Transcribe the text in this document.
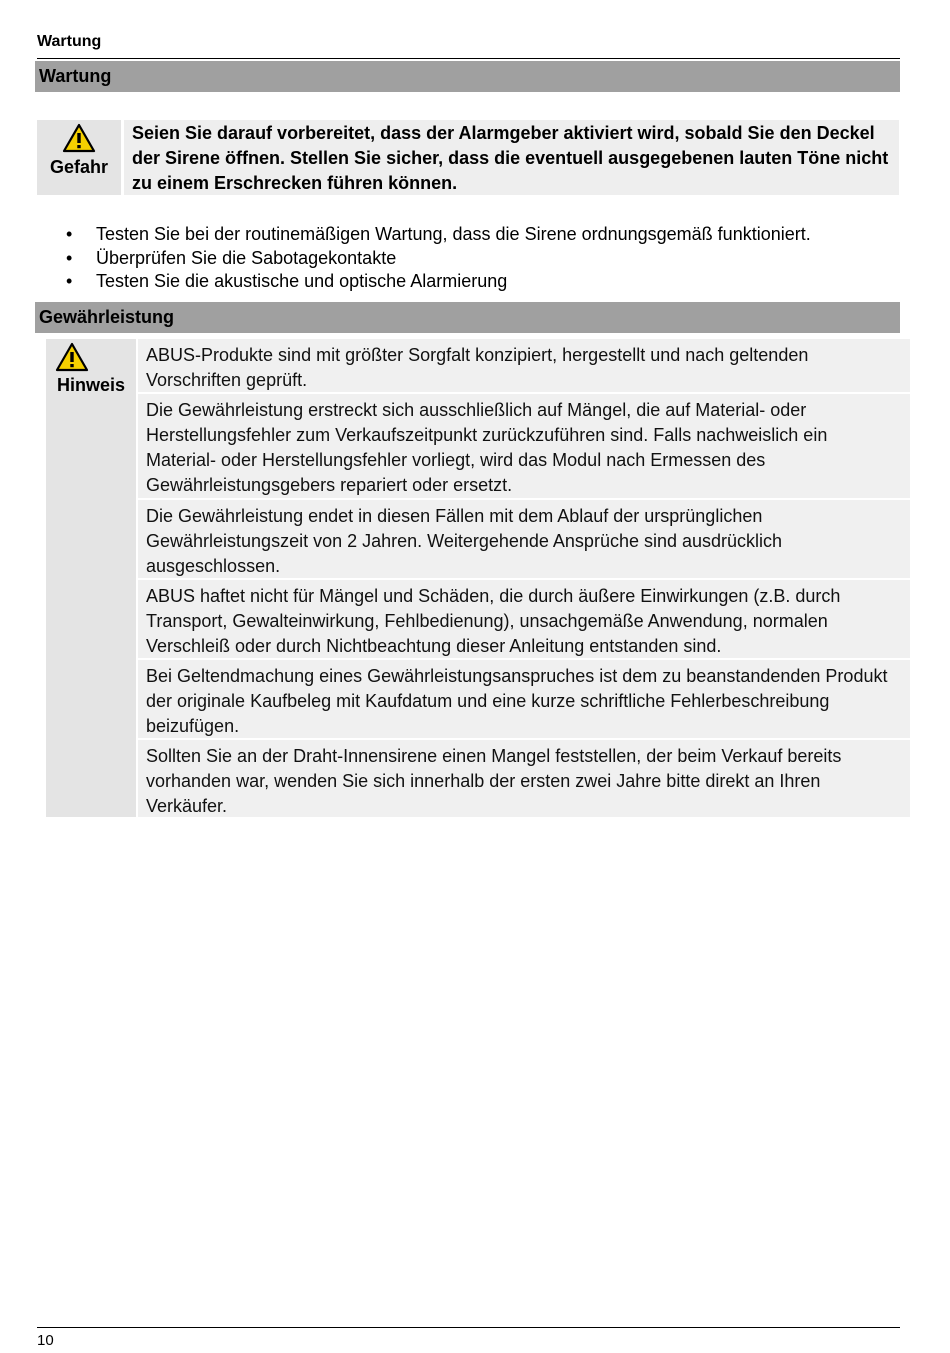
Wartung
Wartung
Gefahr
Seien Sie darauf vorbereitet, dass der Alarmgeber aktiviert wird, sobald Sie den Deckel der Sirene öffnen. Stellen Sie sicher, dass die eventuell ausgegebenen lauten Töne nicht zu einem Erschrecken führen können.
• Testen Sie bei der routinemäßigen Wartung, dass die Sirene ordnungsgemäß funktioniert.
• Überprüfen Sie die Sabotagekontakte
• Testen Sie die akustische und optische Alarmierung
Gewährleistung
Hinweis
ABUS-Produkte sind mit größter Sorgfalt konzipiert, hergestellt und nach geltenden Vorschriften geprüft.
Die Gewährleistung erstreckt sich ausschließlich auf Mängel, die auf Material- oder Herstellungsfehler zum Verkaufszeitpunkt zurückzuführen sind. Falls nachweislich ein Material- oder Herstellungsfehler vorliegt, wird das Modul nach Ermessen des Gewährleistungsgebers repariert oder ersetzt.
Die Gewährleistung endet in diesen Fällen mit dem Ablauf der ursprünglichen Gewährleistungszeit von 2 Jahren. Weitergehende Ansprüche sind ausdrücklich ausgeschlossen.
ABUS haftet nicht für Mängel und Schäden, die durch äußere Einwirkungen (z.B. durch Transport, Gewalteinwirkung, Fehlbedienung), unsachgemäße Anwendung, normalen Verschleiß oder durch Nichtbeachtung dieser Anleitung entstanden sind.
Bei Geltendmachung eines Gewährleistungsanspruches ist dem zu beanstandenden Produkt der originale Kaufbeleg mit Kaufdatum und eine kurze schriftliche Fehlerbeschreibung beizufügen.
Sollten Sie an der Draht-Innensirene einen Mangel feststellen, der beim Verkauf bereits vorhanden war, wenden Sie sich innerhalb der ersten zwei Jahre bitte direkt an Ihren Verkäufer.
10
